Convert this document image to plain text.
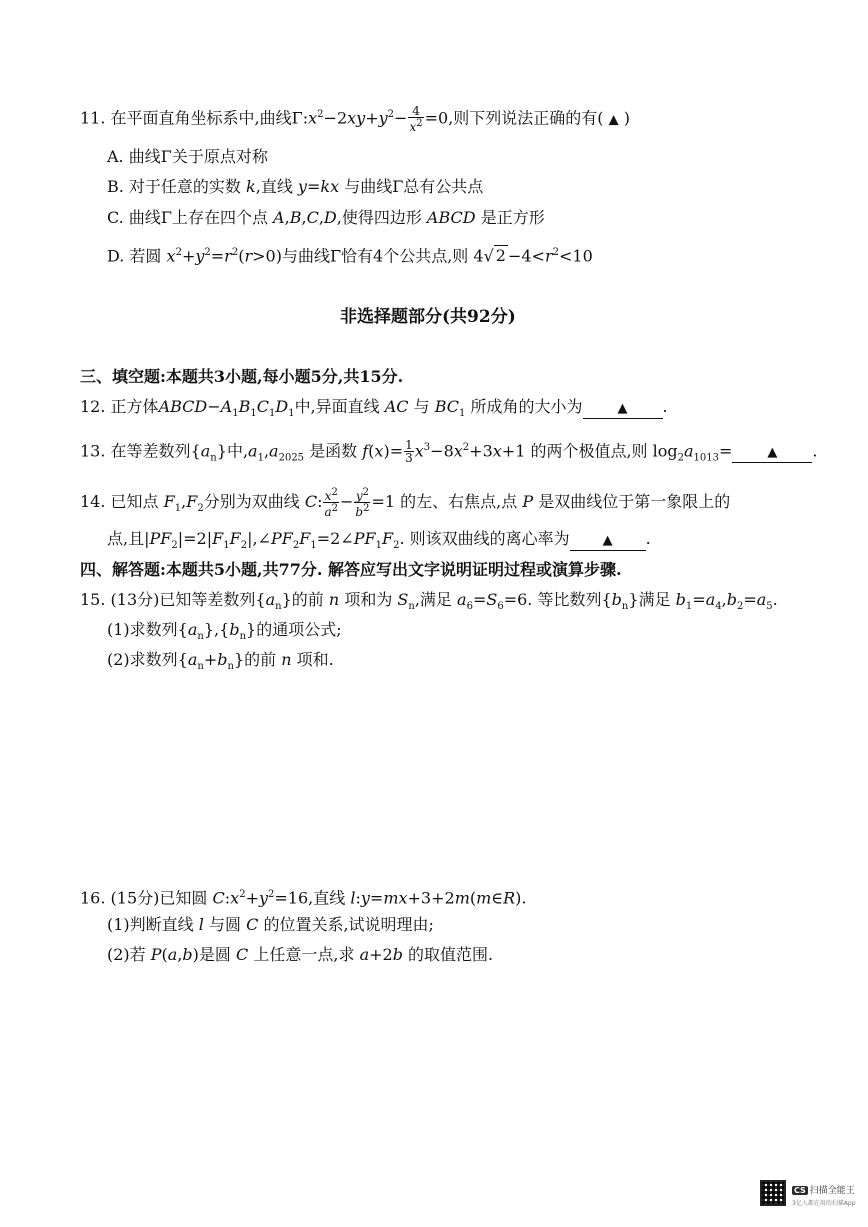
11. 在平面直角坐标系中,曲线$\Gamma:x^2-2xy+y^2- \frac{4}{x^2} =0$,则下列说法正确的有( ▲ )
A. 曲线Γ关于原点对称
B. 对于任意的实数 k,直线 y=kx 与曲线Γ总有公共点
C. 曲线Γ上存在四个点 A,B,C,D,使得四边形 ABCD 是正方形
D. 若圆 $x^2+y^2=r^2(r>0)$与曲线Γ恰有4个公共点,则 4√ $2 -4<r^2<10$
非选择题部分(共92分)
三、填空题:本题共3小题,每小题5分,共15分.
12. 正方体$ABCD-A_1B_1C_1D_1$中,异面直线 AC 与 $BC_1$ 所成角的大小为	▲ .
13. 在等差数列$\{a_n\}$中$,a_1,a_{2025}$ 是函数 $f(x)= \frac{1}{3} x^3-8x^2+3x+1$ 的两个极值点,则 $\log_2a_{1013}=$	▲ .
14. 已知点 $F_1,F_2$分别为双曲线 C: $\frac{x^2}{a^2} - \frac{y^2}{b^2} =1$ 的左、右焦点,点 P 是双曲线位于第一象限上的
点,且$|PF_2|=2|F_1F_2|,\angle PF_2F_1=2\angle PF_1F_2$. 则该双曲线的离心率为	▲ .
四、解答题:本题共5小题,共77分. 解答应写出文字说明证明过程或演算步骤.
15. (13分)已知等差数列$\{a_n\}$的前 n 项和为 $S_n$,满足 $a_6=S_6=6$. 等比数列$\{b_n\}$满足 $b_1=a_4,b_2=a_5$.
(1)求数列$\{a_n\},\{b_n\}$的通项公式;
(2)求数列$\{a_n+b_n\}$的前 n 项和.
16. (15分)已知圆 $C:x^2+y^2=16$,直线 l:y=mx+3+2m(m∈R).
(1)判断直线 l 与圆 C 的位置关系,试说明理由;
(2)若 P(a,b)是圆 C 上任意一点,求 a+2b 的取值范围.
CS 扫描全能王
3亿人都在用的扫描App
